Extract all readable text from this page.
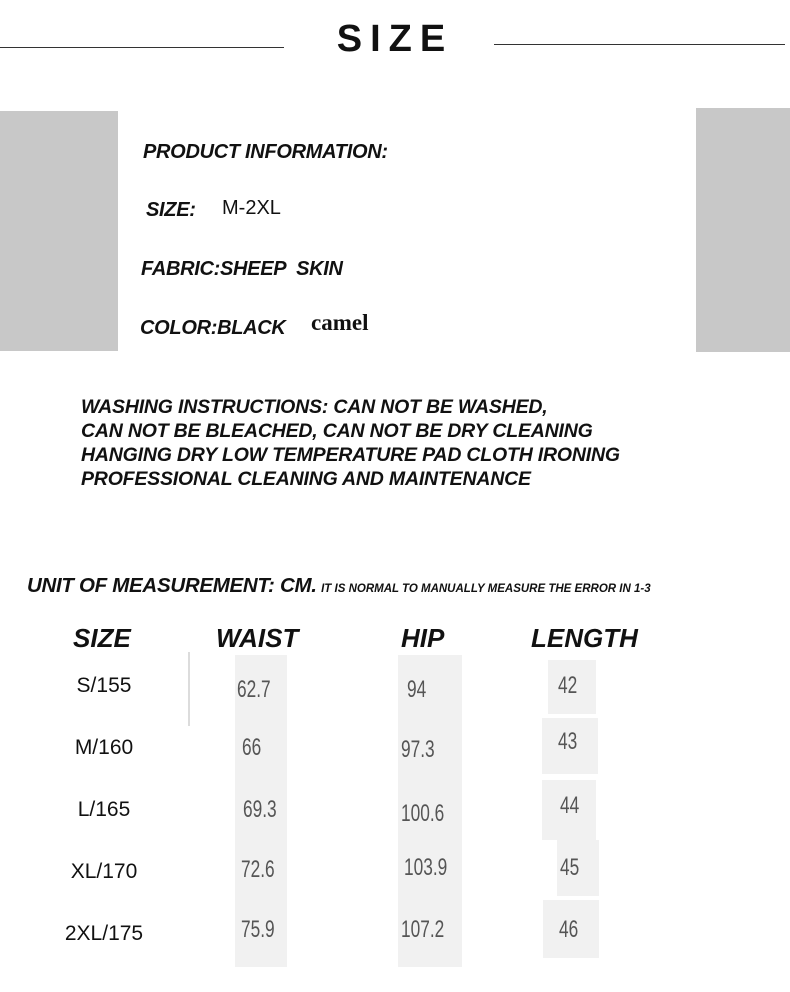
SIZE
PRODUCT INFORMATION:
SIZE: M-2XL
FABRIC:SHEEP  SKIN
COLOR:BLACK camel
WASHING INSTRUCTIONS: CAN NOT BE WASHED,
CAN NOT BE BLEACHED, CAN NOT BE DRY CLEANING
HANGING DRY LOW TEMPERATURE PAD CLOTH IRONING
PROFESSIONAL CLEANING AND MAINTENANCE
UNIT OF MEASUREMENT: CM. IT IS NORMAL TO MANUALLY MEASURE THE ERROR IN 1-3
SIZE	WAIST	HIP	LENGTH
S/155	62.7	94	42
M/160	66	97.3	43
L/165	69.3	100.6	44
XL/170	72.6	103.9	45
2XL/175	75.9	107.2	46
